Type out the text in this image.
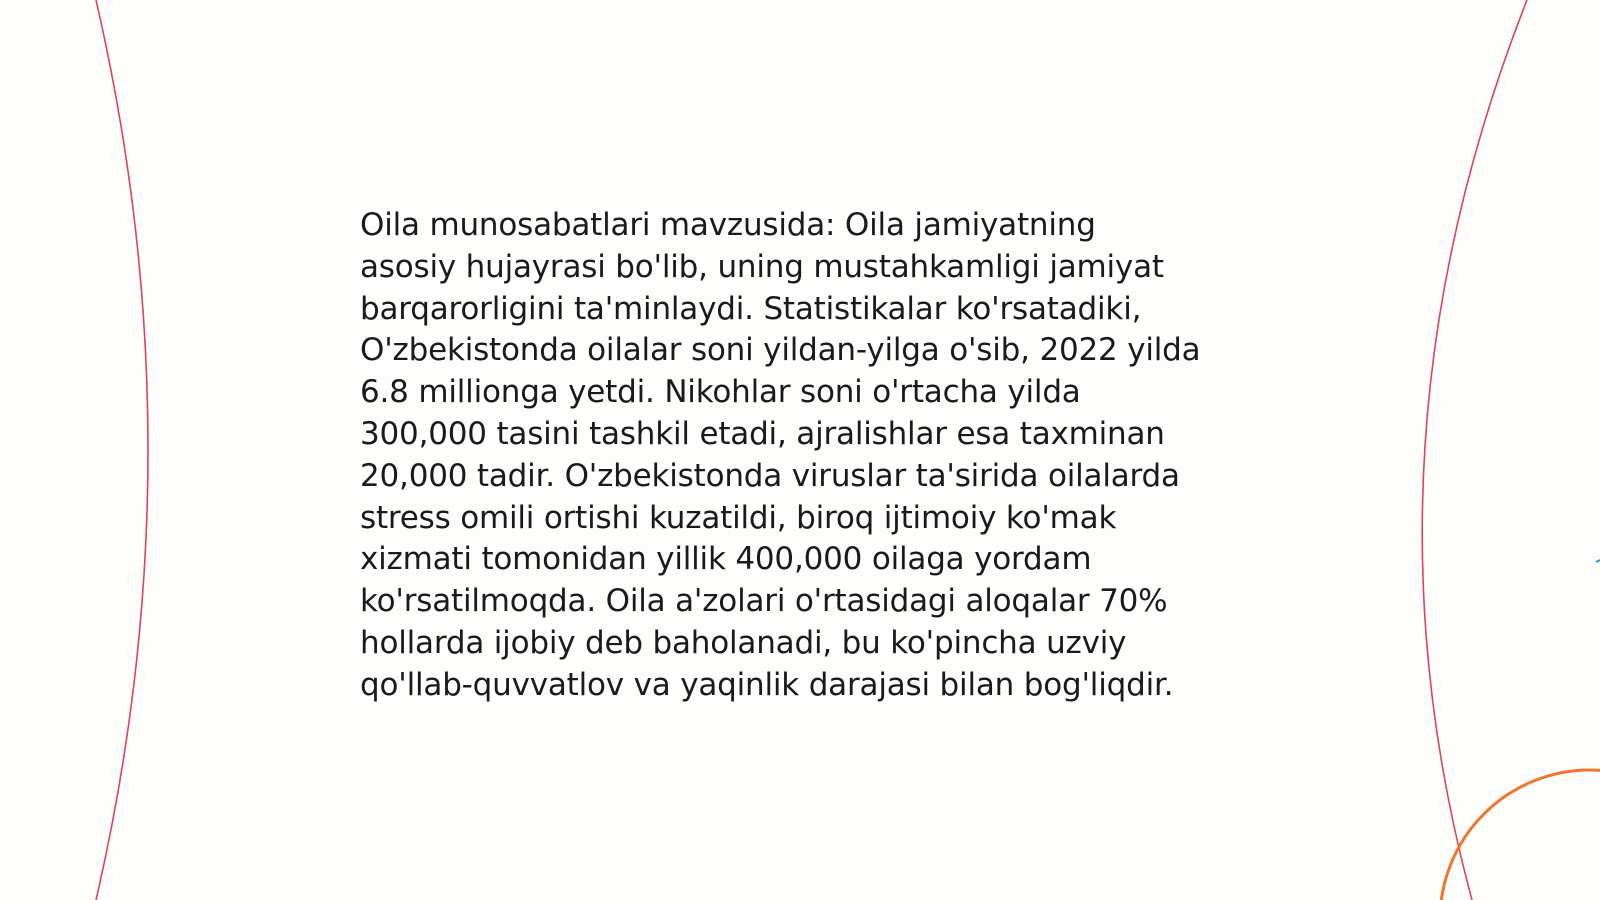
Oila munosabatlari mavzusida: Oila jamiyatning
asosiy hujayrasi bo'lib, uning mustahkamligi jamiyat
barqarorligini ta'minlaydi. Statistikalar ko'rsatadiki,
O'zbekistonda oilalar soni yildan-yilga o'sib, 2022 yilda
6.8 millionga yetdi. Nikohlar soni o'rtacha yilda
300,000 tasini tashkil etadi, ajralishlar esa taxminan
20,000 tadir. O'zbekistonda viruslar ta'sirida oilalarda
stress omili ortishi kuzatildi, biroq ijtimoiy ko'mak
xizmati tomonidan yillik 400,000 oilaga yordam
ko'rsatilmoqda. Oila a'zolari o'rtasidagi aloqalar 70%
hollarda ijobiy deb baholanadi, bu ko'pincha uzviy
qo'llab-quvvatlov va yaqinlik darajasi bilan bog'liqdir.
